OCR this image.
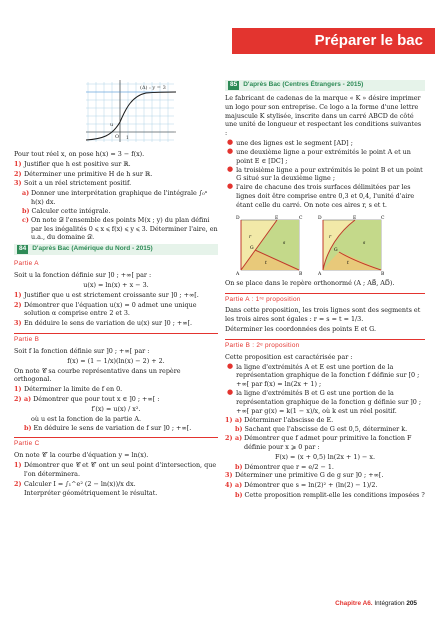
Préparer le bac
(Δ) : y = 3
u
O 1

Pour tout réel x, on pose h(x) = 3 − f(x).

1) Justifier que h est positive sur ℝ.
2) Déterminer une primitive H de h sur ℝ.
3) Soit a un réel strictement positif.
a) Donner une interprétation graphique de l'intégrale ∫₀ᵃ h(x) dx.
b) Calculer cette intégrale.
c) On note 𝒟 l'ensemble des points M(x ; y) du plan défini par les inégalités 0 ⩽ x ⩽ f(x) ⩽ y ⩽ 3. Déterminer l'aire, en u.a., du domaine 𝒟.
84 D'après Bac (Amérique du Nord - 2015)
Partie A

Soit u la fonction définie sur ]0 ; +∞[ par :

u(x) = ln(x) + x − 3.

1) Justifier que u est strictement croissante sur ]0 ; +∞[.
2) Démontrer que l'équation u(x) = 0 admet une unique solution α comprise entre 2 et 3.
3) En déduire le sens de variation de u(x) sur ]0 ; +∞[.
Partie B

Soit f la fonction définie sur ]0 ; +∞[ par :

f(x) = (1 − 1/x)(ln(x) − 2) + 2.

On note 𝒞 sa courbe représentative dans un repère orthogonal.

1) Déterminer la limite de f en 0.
2) a) Démontrer que pour tout x ∈ ]0 ; +∞[ :

f′(x) = u(x) / x².

où u est la fonction de la partie A.
b) En déduire le sens de variation de f sur ]0 ; +∞[.
Partie C

On note 𝒞′ la courbe d'équation y = ln(x).

1) Démontrer que 𝒞 et 𝒞′ ont un seul point d'intersection, que l'on déterminera.
2) Calculer I = ∫₁^e² (2 − ln(x))/x dx.
Interpréter géométriquement le résultat.
85 D'après Bac (Centres Étrangers - 2015)

Le fabricant de cadenas de la marque « K » désire imprimer un logo pour son entreprise. Ce logo a la forme d'une lettre majuscule K stylisée, inscrite dans un carré ABCD de côté une unité de longueur et respectant les conditions suivantes :

● une des lignes est le segment [AD] ;
● une deuxième ligne a pour extrémités le point A et un point E ∈ [DC] ;
● la troisième ligne a pour extrémités le point B et un point G situé sur la deuxième ligne ;
● l'aire de chacune des trois surfaces délimitées par les lignes doit être comprise entre 0,3 et 0,4, l'unité d'aire étant celle du carré. On note ces aires r, s et t.
D	E	C
A	B
G
r
s
t
D	E	C
A	B
G
r
s
t

On se place dans le repère orthonormé (A ; AB⃗, AD⃗).

Partie A : 1ʳᵉ proposition

Dans cette proposition, les trois lignes sont des segments et les trois aires sont égales : r = s = t = 1/3.

Déterminer les coordonnées des points E et G.

Partie B : 2ᵉ proposition

Cette proposition est caractérisée par :

● la ligne d'extrémités A et E est une portion de la représentation graphique de la fonction f définie sur [0 ; +∞[ par f(x) = ln(2x + 1) ;
● la ligne d'extrémités B et G est une portion de la représentation graphique de la fonction g définie sur ]0 ; +∞[ par g(x) = k(1 − x)/x, où k est un réel positif.
1) a) Déterminer l'abscisse de E.
b) Sachant que l'abscisse de G est 0,5, déterminer k.
2) a) Démontrer que f admet pour primitive la fonction F définie pour x ⩾ 0 par :

F(x) = (x + 0,5) ln(2x + 1) − x.

b) Démontrer que r = e/2 − 1.
3) Déterminer une primitive G de g sur ]0 ; +∞[.
4) a) Démontrer que s = ln(2)² + (ln(2) − 1)/2.
b) Cette proposition remplit-elle les conditions imposées ?
Chapitre A6. Intégration 205
